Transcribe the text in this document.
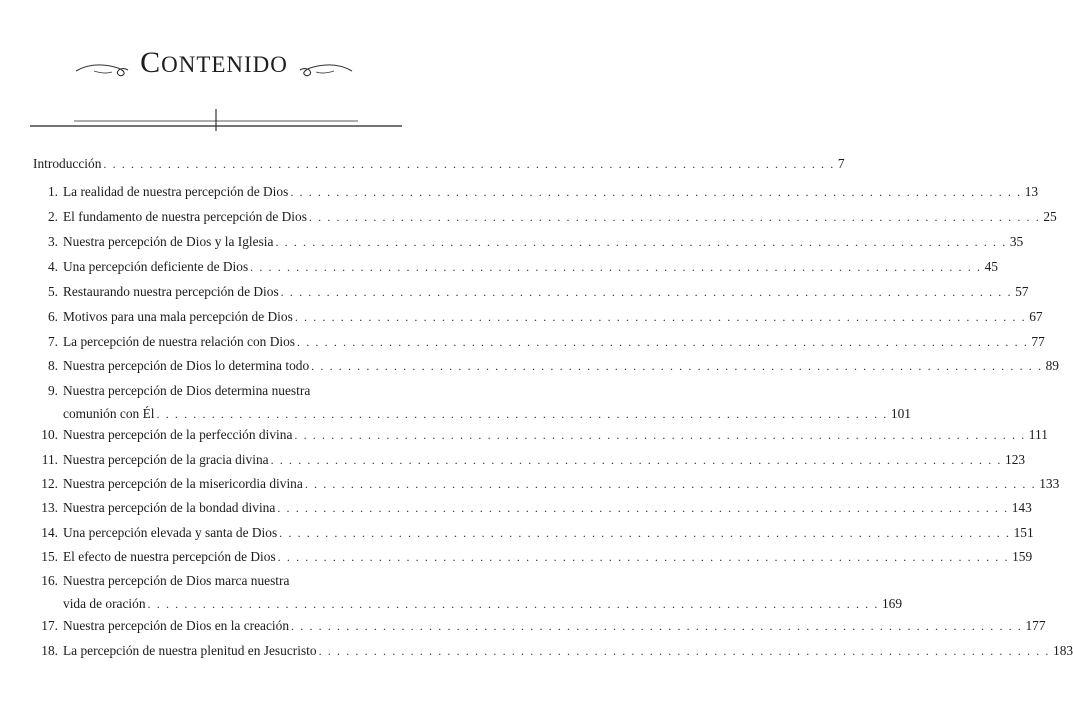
CONTENIDO
Introducción . . . . . . . . . . . . . . . . . . . . . . . . . . . . . . . . . . . . . . . . . . . . . . . . . . . . . . . . . . . . . . . . . . . . . . . . . . . . . . . . 7
1. La realidad de nuestra percepción de Dios . . . . . . . . . . . . . . . . . . . . . . . . . . . . . . . . . . . . . . . . . . . . . . . . . . . . . . . . . . . . . . . . . . . . . . . . . . . . . . . . 13
2. El fundamento de nuestra percepción de Dios . . . . . . . . . . . . . . . . . . . . . . . . . . . . . . . . . . . . . . . . . . . . . . . . . . . . . . . . . . . . . . . . . . . . . . . . . . . . . . . . 25
3. Nuestra percepción de Dios y la Iglesia . . . . . . . . . . . . . . . . . . . . . . . . . . . . . . . . . . . . . . . . . . . . . . . . . . . . . . . . . . . . . . . . . . . . . . . . . . . . . . . . 35
4. Una percepción deficiente de Dios . . . . . . . . . . . . . . . . . . . . . . . . . . . . . . . . . . . . . . . . . . . . . . . . . . . . . . . . . . . . . . . . . . . . . . . . . . . . . . . . 45
5. Restaurando nuestra percepción de Dios . . . . . . . . . . . . . . . . . . . . . . . . . . . . . . . . . . . . . . . . . . . . . . . . . . . . . . . . . . . . . . . . . . . . . . . . . . . . . . . . 57
6. Motivos para una mala percepción de Dios . . . . . . . . . . . . . . . . . . . . . . . . . . . . . . . . . . . . . . . . . . . . . . . . . . . . . . . . . . . . . . . . . . . . . . . . . . . . . . . . 67
7. La percepción de nuestra relación con Dios . . . . . . . . . . . . . . . . . . . . . . . . . . . . . . . . . . . . . . . . . . . . . . . . . . . . . . . . . . . . . . . . . . . . . . . . . . . . . . . . 77
8. Nuestra percepción de Dios lo determina todo . . . . . . . . . . . . . . . . . . . . . . . . . . . . . . . . . . . . . . . . . . . . . . . . . . . . . . . . . . . . . . . . . . . . . . . . . . . . . . . . 89
9. Nuestra percepción de Dios determina nuestra
comunión con Él . . . . . . . . . . . . . . . . . . . . . . . . . . . . . . . . . . . . . . . . . . . . . . . . . . . . . . . . . . . . . . . . . . . . . . . . . . . . . . . . 101
10. Nuestra percepción de la perfección divina . . . . . . . . . . . . . . . . . . . . . . . . . . . . . . . . . . . . . . . . . . . . . . . . . . . . . . . . . . . . . . . . . . . . . . . . . . . . . . . . 111
11. Nuestra percepción de la gracia divina . . . . . . . . . . . . . . . . . . . . . . . . . . . . . . . . . . . . . . . . . . . . . . . . . . . . . . . . . . . . . . . . . . . . . . . . . . . . . . . . 123
12. Nuestra percepción de la misericordia divina . . . . . . . . . . . . . . . . . . . . . . . . . . . . . . . . . . . . . . . . . . . . . . . . . . . . . . . . . . . . . . . . . . . . . . . . . . . . . . . . 133
13. Nuestra percepción de la bondad divina . . . . . . . . . . . . . . . . . . . . . . . . . . . . . . . . . . . . . . . . . . . . . . . . . . . . . . . . . . . . . . . . . . . . . . . . . . . . . . . . 143
14. Una percepción elevada y santa de Dios . . . . . . . . . . . . . . . . . . . . . . . . . . . . . . . . . . . . . . . . . . . . . . . . . . . . . . . . . . . . . . . . . . . . . . . . . . . . . . . . 151
15. El efecto de nuestra percepción de Dios . . . . . . . . . . . . . . . . . . . . . . . . . . . . . . . . . . . . . . . . . . . . . . . . . . . . . . . . . . . . . . . . . . . . . . . . . . . . . . . . 159
16. Nuestra percepción de Dios marca nuestra
vida de oración . . . . . . . . . . . . . . . . . . . . . . . . . . . . . . . . . . . . . . . . . . . . . . . . . . . . . . . . . . . . . . . . . . . . . . . . . . . . . . . . 169
17. Nuestra percepción de Dios en la creación . . . . . . . . . . . . . . . . . . . . . . . . . . . . . . . . . . . . . . . . . . . . . . . . . . . . . . . . . . . . . . . . . . . . . . . . . . . . . . . . 177
18. La percepción de nuestra plenitud en Jesucristo . . . . . . . . . . . . . . . . . . . . . . . . . . . . . . . . . . . . . . . . . . . . . . . . . . . . . . . . . . . . . . . . . . . . . . . . . . . . . . . . 183
